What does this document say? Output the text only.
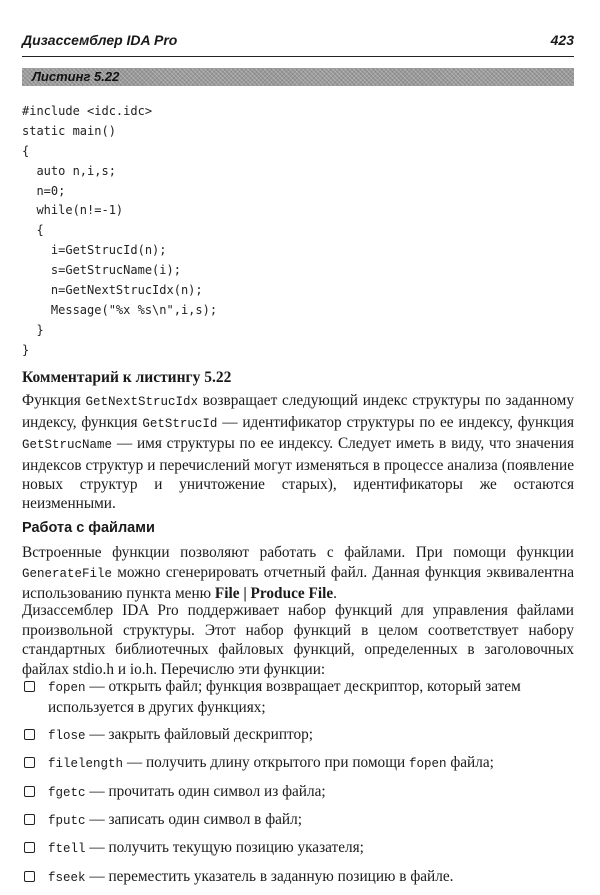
Дизассемблер IDA Pro	423
Листинг 5.22
#include <idc.idc>
static main()
{
auto n,i,s;
n=0;
while(n!=-1)
{
i=GetStrucId(n);
s=GetStrucName(i);
n=GetNextStrucIdx(n);
Message("%x %s\n",i,s);
}
}
Комментарий к листингу 5.22

Функция GetNextStrucIdx возвращает следующий индекс структуры по заданному индексу, функция GetStrucId — идентификатор структуры по ее индексу, функция GetStrucName — имя структуры по ее индексу. Следует иметь в виду, что значения индексов структур и перечислений могут изменяться в процессе анализа (появление новых структур и уничтожение старых), идентификаторы же остаются неизменными.

Работа с файлами

Встроенные функции позволяют работать с файлами. При помощи функции GenerateFile можно сгенерировать отчетный файл. Данная функция эквивалентна использованию пункта меню File | Produce File.

Дизассемблер IDA Pro поддерживает набор функций для управления файлами произвольной структуры. Этот набор функций в целом соответствует набору стандартных библиотечных файловых функций, определенных в заголовочных файлах stdio.h и io.h. Перечислю эти функции:

fopen — открыть файл; функция возвращает дескриптор, который затем используется в других функциях;
flose — закрыть файловый дескриптор;
filelength — получить длину открытого при помощи fopen файла;
fgetc — прочитать один символ из файла;
fputc — записать один символ в файл;
ftell — получить текущую позицию указателя;
fseek — переместить указатель в заданную позицию в файле.
